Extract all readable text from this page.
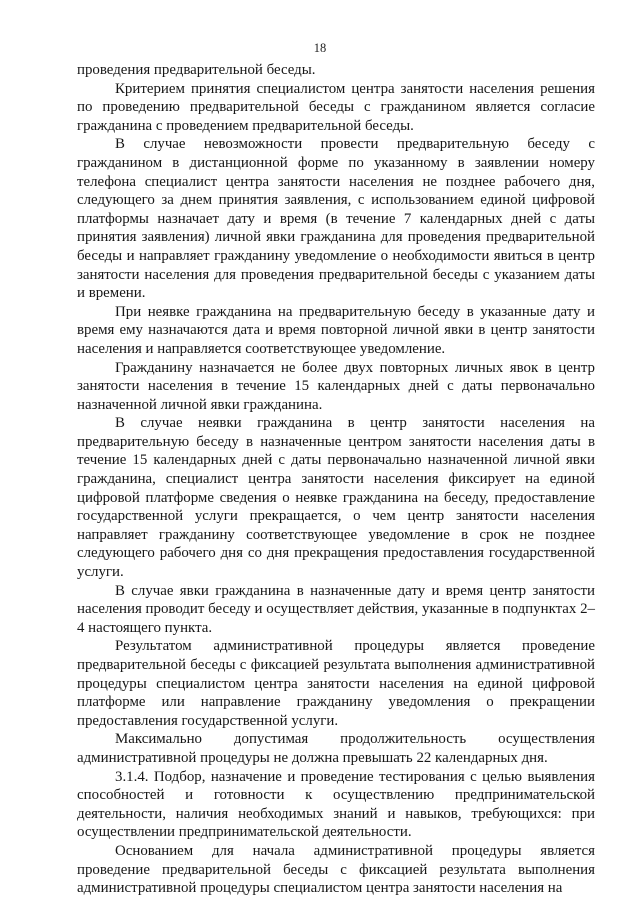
18

проведения предварительной беседы.

Критерием принятия специалистом центра занятости населения решения по проведению предварительной беседы с гражданином является согласие гражданина с проведением предварительной беседы.

В случае невозможности провести предварительную беседу с гражданином в дистанционной форме по указанному в заявлении номеру телефона специалист центра занятости населения не позднее рабочего дня, следующего за днем принятия заявления, с использованием единой цифровой платформы назначает дату и время (в течение 7 календарных дней с даты принятия заявления) личной явки гражданина для проведения предварительной беседы и направляет гражданину уведомление о необходимости явиться в центр занятости населения для проведения предварительной беседы с указанием даты и времени.

При неявке гражданина на предварительную беседу в указанные дату и время ему назначаются дата и время повторной личной явки в центр занятости населения и направляется соответствующее уведомление.

Гражданину назначается не более двух повторных личных явок в центр занятости населения в течение 15 календарных дней с даты первоначально назначенной личной явки гражданина.

В случае неявки гражданина в центр занятости населения на предварительную беседу в назначенные центром занятости населения даты в течение 15 календарных дней с даты первоначально назначенной личной явки гражданина, специалист центра занятости населения фиксирует на единой цифровой платформе сведения о неявке гражданина на беседу, предоставление государственной услуги прекращается, о чем центр занятости населения направляет гражданину соответствующее уведомление в срок не позднее следующего рабочего дня со дня прекращения предоставления государственной услуги.

В случае явки гражданина в назначенные дату и время центр занятости населения проводит беседу и осуществляет действия, указанные в подпунктах 2–4 настоящего пункта.

Результатом административной процедуры является проведение предварительной беседы с фиксацией результата выполнения административной процедуры специалистом центра занятости населения на единой цифровой платформе или направление гражданину уведомления о прекращении предоставления государственной услуги.

Максимально допустимая продолжительность осуществления административной процедуры не должна превышать 22 календарных дня.

3.1.4. Подбор, назначение и проведение тестирования с целью выявления способностей и готовности к осуществлению предпринимательской деятельности, наличия необходимых знаний и навыков, требующихся: при осуществлении предпринимательской деятельности.

Основанием для начала административной процедуры является проведение предварительной беседы с фиксацией результата выполнения административной процедуры специалистом центра занятости населения на
